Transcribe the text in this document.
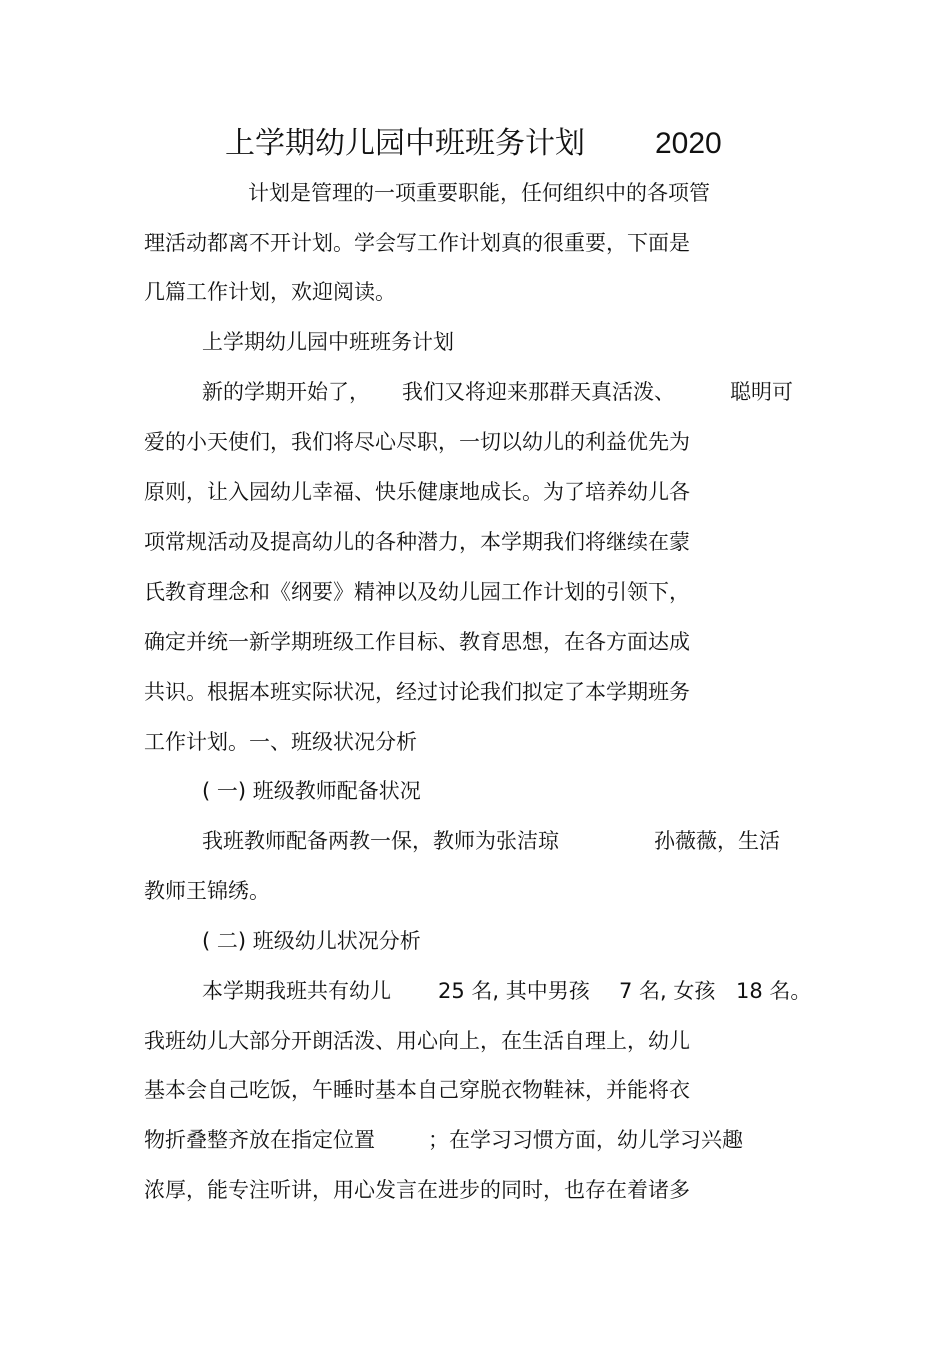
上学期幼儿园中班班务计划 2020
计划是管理的一项重要职能，任何组织中的各项管
理活动都离不开计划。学会写工作计划真的很重要，下面是
几篇工作计划，欢迎阅读。
上学期幼儿园中班班务计划
新的学期开始了， 我们又将迎来那群天真活泼、	聪明可
爱的小天使们，我们将尽心尽职，一切以幼儿的利益优先为
原则，让入园幼儿幸福、快乐健康地成长。为了培养幼儿各
项常规活动及提高幼儿的各种潜力，本学期我们将继续在蒙
氏教育理念和《纲要》精神以及幼儿园工作计划的引领下，
确定并统一新学期班级工作目标、教育思想，在各方面达成
共识。根据本班实际状况，经过讨论我们拟定了本学期班务
工作计划。一、班级状况分析
( 一) 班级教师配备状况
我班教师配备两教一保，教师为张洁琼	孙薇薇，生活
教师王锦绣。
( 二) 班级幼儿状况分析
本学期我班共有幼儿 25 名, 其中男孩 7 名, 女孩 18 名。
我班幼儿大部分开朗活泼、用心向上，在生活自理上，幼儿
基本会自己吃饭，午睡时基本自己穿脱衣物鞋袜，并能将衣
物折叠整齐放在指定位置	；在学习习惯方面，幼儿学习兴趣
浓厚，能专注听讲，用心发言在进步的同时，也存在着诸多
